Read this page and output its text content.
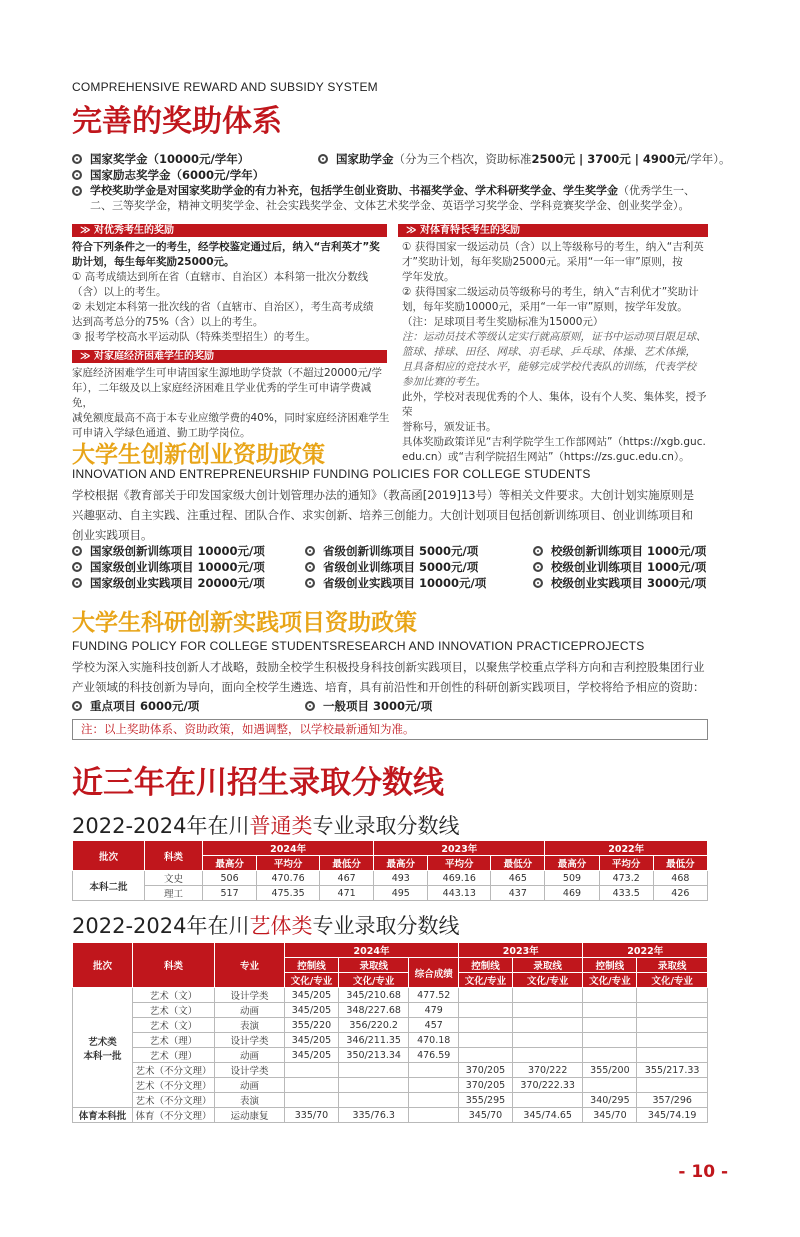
COMPREHENSIVE REWARD AND SUBSIDY SYSTEM
完善的奖助体系
国家奖学金（10000元/学年）	国家助学金 （分为三个档次，资助标准 2500元 | 3700元 | 4900元 /学年）。
国家励志奖学金（6000元/学年）
学校奖助学金是对国家奖助学金的有力补充，包括学生创业资助、书福奖学金、学术科研奖学金、学生奖学金（优秀学生一、
二、三等奖学金，精神文明奖学金、社会实践奖学金、文体艺术奖学金、英语学习奖学金、学科竞赛奖学金、创业奖学金）。
≫ 对优秀考生的奖励

符合下列条件之一的考生，经学校鉴定通过后，纳入“吉利英才”奖

助计划，每生每年奖励25000元。

① 高考成绩达到所在省（直辖市、自治区）本科第一批次分数线

（含）以上的考生。

② 未划定本科第一批次线的省（直辖市、自治区），考生高考成绩

达到高考总分的75%（含）以上的考生。

③ 报考学校高水平运动队（特殊类型招生）的考生。

≫ 对家庭经济困难学生的奖励

家庭经济困难学生可申请国家生源地助学贷款（不超过20000元/学

年），二年级及以上家庭经济困难且学业优秀的学生可申请学费减免，

减免额度最高不高于本专业应缴学费的40%，同时家庭经济困难学生

可申请入学绿色通道、勤工助学岗位。

≫ 对体育特长考生的奖励

① 获得国家一级运动员（含）以上等级称号的考生，纳入“吉利英

才”奖助计划，每年奖励25000元。采用“一年一审”原则，按

学年发放。

② 获得国家二级运动员等级称号的考生，纳入“吉利优才”奖助计

划，每年奖励10000元，采用“一年一审”原则，按学年发放。

（注：足球项目考生奖励标准为15000元）

注：运动员技术等级认定实行就高原则，证书中运动项目限足球、

篮球、排球、田径、网球、羽毛球、乒乓球、体操、艺术体操，

且具备相应的竞技水平，能够完成学校代表队的训练，代表学校

参加比赛的考生。

此外，学校对表现优秀的个人、集体，设有个人奖、集体奖，授予荣

誉称号，颁发证书。

具体奖励政策详见“吉利学院学生工作部网站”（https://xgb.guc.

edu.cn）或“吉利学院招生网站”（https://zs.guc.edu.cn）。

大学生创新创业资助政策
INNOVATION AND ENTREPRENEURSHIP FUNDING POLICIES FOR COLLEGE STUDENTS
学校根据《教育部关于印发国家级大创计划管理办法的通知》（教高函[2019]13号）等相关文件要求。大创计划实施原则是
兴趣驱动、自主实践、注重过程、团队合作、求实创新、培养三创能力。大创计划项目包括创新训练项目、创业训练项目和
创业实践项目。
国家级创新训练项目 10000元/项	省级创新训练项目 5000元/项	校级创新训练项目 1000元/项
国家级创业训练项目 10000元/项	省级创业训练项目 5000元/项	校级创业训练项目 1000元/项
国家级创业实践项目 20000元/项	省级创业实践项目 10000元/项	校级创业实践项目 3000元/项
大学生科研创新实践项目资助政策
FUNDING POLICY FOR COLLEGE STUDENTSRESEARCH AND INNOVATION PRACTICEPROJECTS
学校为深入实施科技创新人才战略，鼓励全校学生积极投身科技创新实践项目，以聚焦学校重点学科方向和吉利控股集团行业
产业领域的科技创新为导向，面向全校学生遴选、培育，具有前沿性和开创性的科研创新实践项目，学校将给予相应的资助：
重点项目 6000元/项	一般项目 3000元/项
注：以上奖助体系、资助政策，如遇调整，以学校最新通知为准。
近三年在川招生录取分数线
2022-2024年在川普通类专业录取分数线
批次	科类	2024年			2023年			2022年		
		最高分	平均分	最低分	最高分	平均分	最低分	最高分	平均分	最低分
本科二批	文史	506	470.76	467	493	469.16	465	509	473.2	468
	理工	517	475.35	471	495	443.13	437	469	433.5	426
2022-2024年在川艺体类专业录取分数线
批次	科类	专业	2024年			2023年		2022年	
			控制线	录取线	综合成绩	控制线	录取线	控制线	录取线
			文化/专业	文化/专业		文化/专业	文化/专业	文化/专业	文化/专业
艺术类
本科一批	艺术（文）	设计学类	345/205	345/210.68	477.52				
	艺术（文）	动画	345/205	348/227.68	479				
	艺术（文）	表演	355/220	356/220.2	457				
	艺术（理）	设计学类	345/205	346/211.35	470.18				
	艺术（理）	动画	345/205	350/213.34	476.59				
	艺术（不分文理）	设计学类				370/205	370/222	355/200	355/217.33
	艺术（不分文理）	动画				370/205	370/222.33		
	艺术（不分文理）	表演				355/295		340/295	357/296
体育本科批	体育（不分文理）	运动康复	335/70	335/76.3		345/70	345/74.65	345/70	345/74.19
- 10 -
